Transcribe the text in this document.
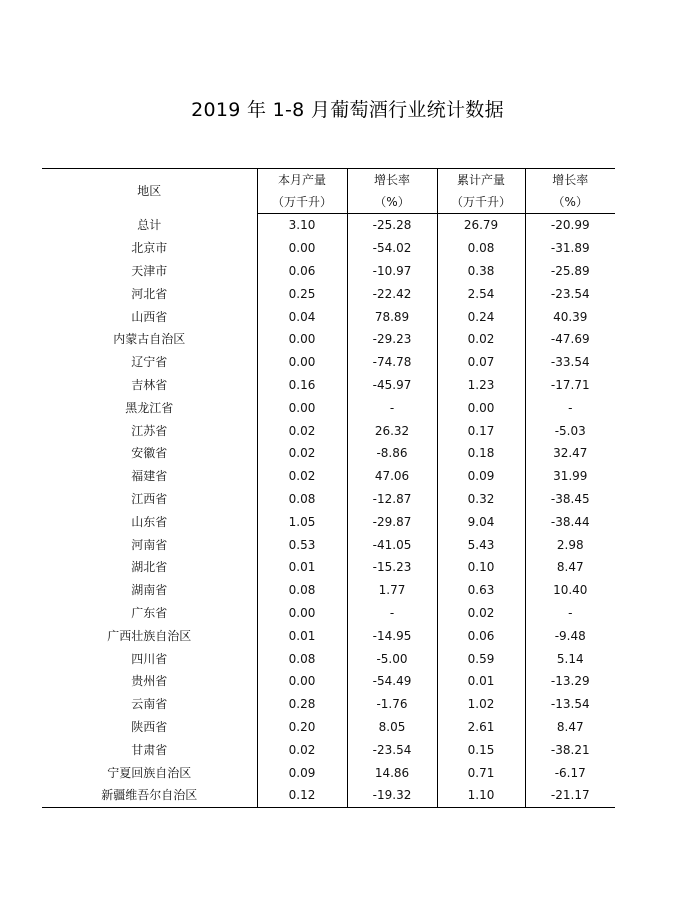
2019 年 1-8 月葡萄酒行业统计数据
地区	本月产量	增长率	累计产量	增长率
	（万千升）	（%）	（万千升）	（%）
总计	3.10	-25.28	26.79	-20.99
北京市	0.00	-54.02	0.08	-31.89
天津市	0.06	-10.97	0.38	-25.89
河北省	0.25	-22.42	2.54	-23.54
山西省	0.04	78.89	0.24	40.39
内蒙古自治区	0.00	-29.23	0.02	-47.69
辽宁省	0.00	-74.78	0.07	-33.54
吉林省	0.16	-45.97	1.23	-17.71
黑龙江省	0.00	-	0.00	-
江苏省	0.02	26.32	0.17	-5.03
安徽省	0.02	-8.86	0.18	32.47
福建省	0.02	47.06	0.09	31.99
江西省	0.08	-12.87	0.32	-38.45
山东省	1.05	-29.87	9.04	-38.44
河南省	0.53	-41.05	5.43	2.98
湖北省	0.01	-15.23	0.10	8.47
湖南省	0.08	1.77	0.63	10.40
广东省	0.00	-	0.02	-
广西壮族自治区	0.01	-14.95	0.06	-9.48
四川省	0.08	-5.00	0.59	5.14
贵州省	0.00	-54.49	0.01	-13.29
云南省	0.28	-1.76	1.02	-13.54
陕西省	0.20	8.05	2.61	8.47
甘肃省	0.02	-23.54	0.15	-38.21
宁夏回族自治区	0.09	14.86	0.71	-6.17
新疆维吾尔自治区	0.12	-19.32	1.10	-21.17
